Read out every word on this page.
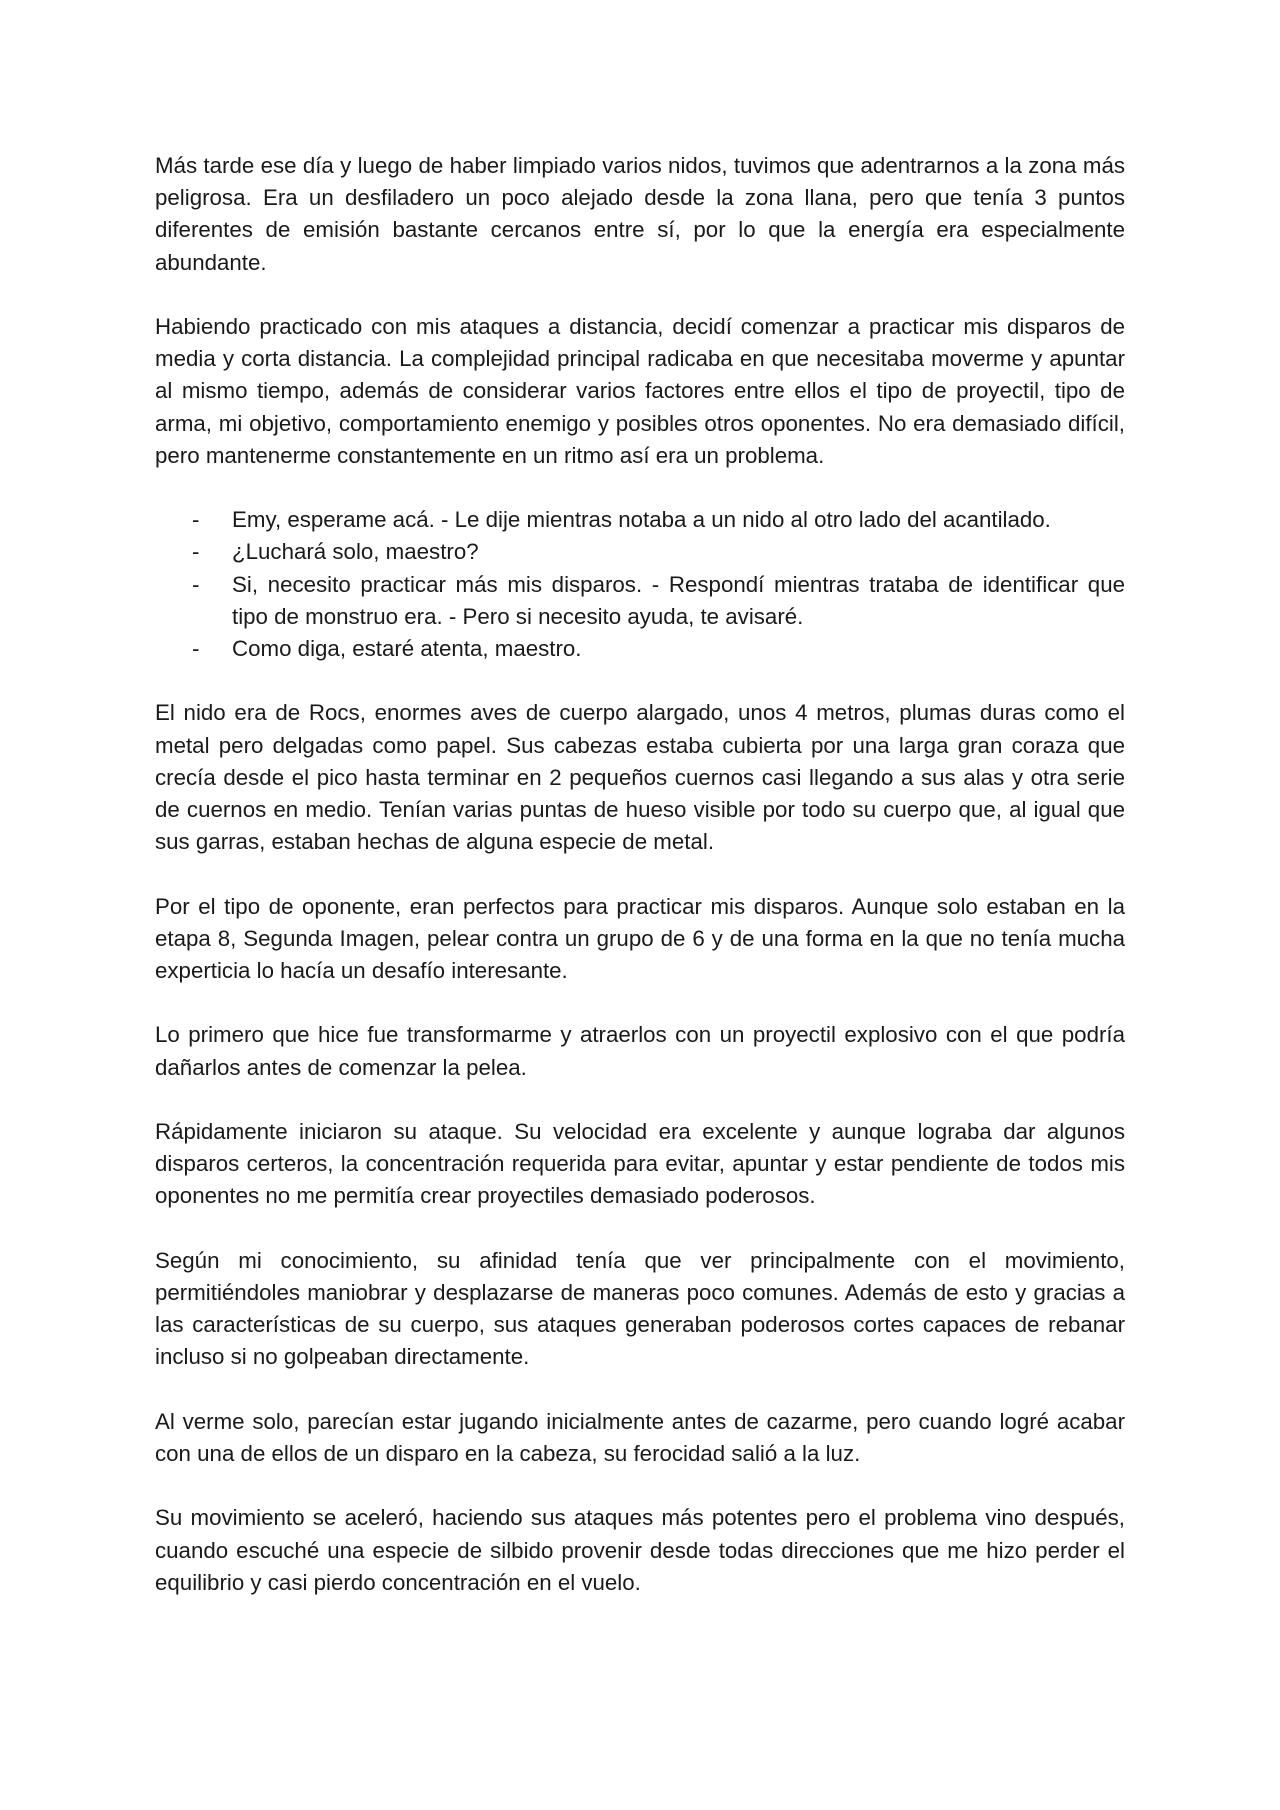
Más tarde ese día y luego de haber limpiado varios nidos, tuvimos que adentrarnos a la zona más peligrosa. Era un desfiladero un poco alejado desde la zona llana, pero que tenía 3 puntos diferentes de emisión bastante cercanos entre sí, por lo que la energía era especialmente abundante.

Habiendo practicado con mis ataques a distancia, decidí comenzar a practicar mis disparos de media y corta distancia. La complejidad principal radicaba en que necesitaba moverme y apuntar al mismo tiempo, además de considerar varios factores entre ellos el tipo de proyectil, tipo de arma, mi objetivo, comportamiento enemigo y posibles otros oponentes. No era demasiado difícil, pero mantenerme constantemente en un ritmo así era un problema.

- Emy, esperame acá. - Le dije mientras notaba a un nido al otro lado del acantilado.
- ¿Luchará solo, maestro?
- Si, necesito practicar más mis disparos. - Respondí mientras trataba de identificar que tipo de monstruo era. - Pero si necesito ayuda, te avisaré.
- Como diga, estaré atenta, maestro.

El nido era de Rocs, enormes aves de cuerpo alargado, unos 4 metros, plumas duras como el metal pero delgadas como papel. Sus cabezas estaba cubierta por una larga gran coraza que crecía desde el pico hasta terminar en 2 pequeños cuernos casi llegando a sus alas y otra serie de cuernos en medio. Tenían varias puntas de hueso visible por todo su cuerpo que, al igual que sus garras, estaban hechas de alguna especie de metal.

Por el tipo de oponente, eran perfectos para practicar mis disparos. Aunque solo estaban en la etapa 8, Segunda Imagen, pelear contra un grupo de 6 y de una forma en la que no tenía mucha experticia lo hacía un desafío interesante.

Lo primero que hice fue transformarme y atraerlos con un proyectil explosivo con el que podría dañarlos antes de comenzar la pelea.

Rápidamente iniciaron su ataque. Su velocidad era excelente y aunque lograba dar algunos disparos certeros, la concentración requerida para evitar, apuntar y estar pendiente de todos mis oponentes no me permitía crear proyectiles demasiado poderosos.

Según mi conocimiento, su afinidad tenía que ver principalmente con el movimiento, permitiéndoles maniobrar y desplazarse de maneras poco comunes. Además de esto y gracias a las características de su cuerpo, sus ataques generaban poderosos cortes capaces de rebanar incluso si no golpeaban directamente.

Al verme solo, parecían estar jugando inicialmente antes de cazarme, pero cuando logré acabar con una de ellos de un disparo en la cabeza, su ferocidad salió a la luz.

Su movimiento se aceleró, haciendo sus ataques más potentes pero el problema vino después, cuando escuché una especie de silbido provenir desde todas direcciones que me hizo perder el equilibrio y casi pierdo concentración en el vuelo.
